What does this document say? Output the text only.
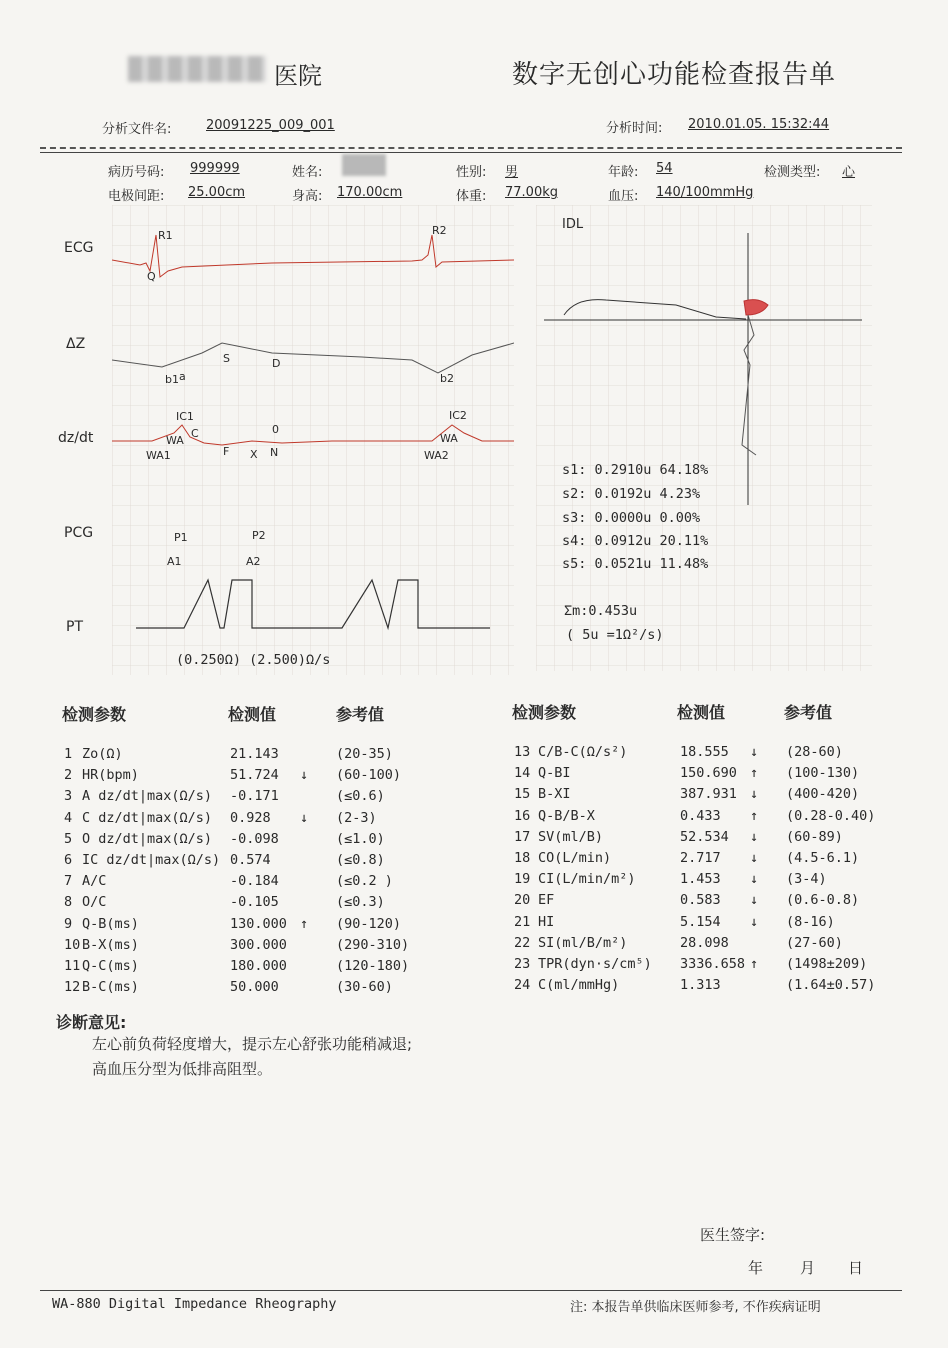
医院	数字无创心功能检查报告单
分析文件名:	20091225_009_001	分析时间: 2010.01.05. 15:32:44
病历号码: 999999	姓名:	性别: 男	年龄: 54	检测类型: 心
电极间距: 25.00cm	身高: 170.00cm	体重: 77.00kg	血压: 140/100mmHg
ECG
ΔZ
dz/dt
PCG
PT
R1
Q
R2
b1 a
S	D
b2
IC1
C
WA
WA1	F X
0
N
IC2
WA
WA2
P1
A1
P2
A2
(0.250Ω) (2.500)Ω/s
IDL
s1: 0.2910u 64.18%
s2: 0.0192u 4.23%
s3: 0.0000u 0.00%
s4: 0.0912u 20.11%
s5: 0.0521u 11.48%
Σm:0.453u
( 5u =1Ω²/s)
检测参数	检测值	参考值	检测参数	检测值	参考值
1 Zo(Ω)	21.143	(20-35)
2 HR(bpm)	51.724 ↓ (60-100)
3 A dz/dt|max(Ω/s) -0.171	(≤0.6)
4 C dz/dt|max(Ω/s) 0.928 ↓ (2-3)
5 O dz/dt|max(Ω/s) -0.098	(≤1.0)
6 IC dz/dt|max(Ω/s) 0.574	(≤0.8)
7 A/C	-0.184	(≤0.2 )
8 O/C	-0.105	(≤0.3)
9 Q-B(ms)	130.000 ↑ (90-120)
10 B-X(ms)	300.000	(290-310)
11 Q-C(ms)	180.000	(120-180)
12 B-C(ms)	50.000	(30-60)
13 C/B-C(Ω/s²)	18.555 ↓ (28-60)
14 Q-BI	150.690 ↑ (100-130)
15 B-XI	387.931 ↓ (400-420)
16 Q-B/B-X	0.433 ↑ (0.28-0.40)
17 SV(ml/B)	52.534 ↓ (60-89)
18 CO(L/min)	2.717 ↓ (4.5-6.1)
19 CI(L/min/m²)	1.453 ↓ (3-4)
20 EF	0.583 ↓ (0.6-0.8)
21 HI	5.154 ↓ (8-16)
22 SI(ml/B/m²)	28.098	(27-60)
23 TPR(dyn·s/cm⁵) 3336.658 ↑ (1498±209)
24 C(ml/mmHg)	1.313	(1.64±0.57)
诊断意见:
左心前负荷轻度增大，提示左心舒张功能稍减退;
高血压分型为低排高阻型。
医生签字:
年 月 日
WA-880 Digital Impedance Rheography	注: 本报告单供临床医师参考, 不作疾病证明
